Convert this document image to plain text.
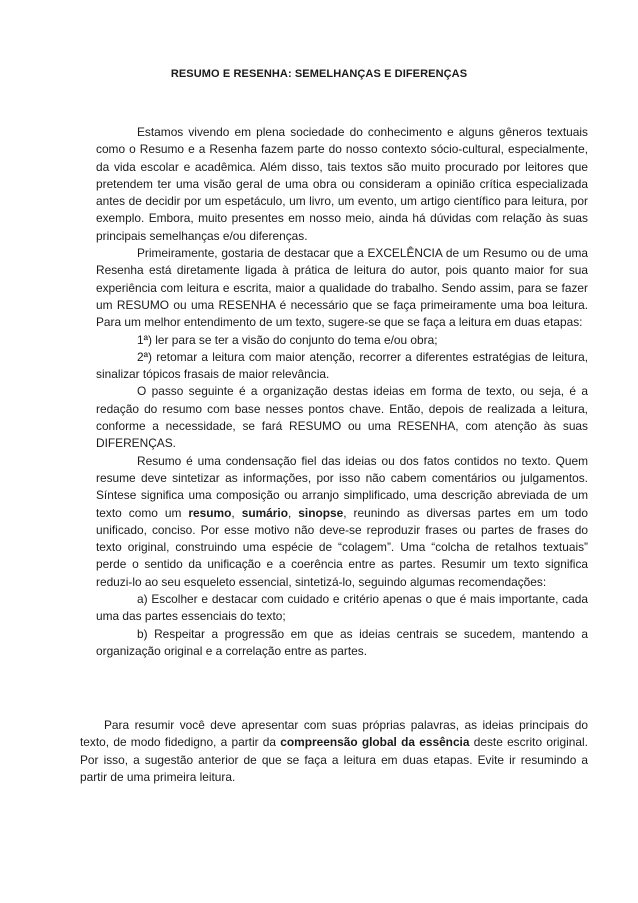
RESUMO E RESENHA: SEMELHANÇAS E DIFERENÇAS

Estamos vivendo em plena sociedade do conhecimento e alguns gêneros textuais como o Resumo e a Resenha fazem parte do nosso contexto sócio-cultural, especialmente, da vida escolar e acadêmica. Além disso, tais textos são muito procurado por leitores que pretendem ter uma visão geral de uma obra ou consideram a opinião crítica especializada antes de decidir por um espetáculo, um livro, um evento, um artigo científico para leitura, por exemplo. Embora, muito presentes em nosso meio, ainda há dúvidas com relação às suas principais semelhanças e/ou diferenças.

Primeiramente, gostaria de destacar que a EXCELÊNCIA de um Resumo ou de uma Resenha está diretamente ligada à prática de leitura do autor, pois quanto maior for sua experiência com leitura e escrita, maior a qualidade do trabalho. Sendo assim, para se fazer um RESUMO ou uma RESENHA é necessário que se faça primeiramente uma boa leitura. Para um melhor entendimento de um texto, sugere-se que se faça a leitura em duas etapas:

1ª) ler para se ter a visão do conjunto do tema e/ou obra;

2ª) retomar a leitura com maior atenção, recorrer a diferentes estratégias de leitura, sinalizar tópicos frasais de maior relevância.

O passo seguinte é a organização destas ideias em forma de texto, ou seja, é a redação do resumo com base nesses pontos chave. Então, depois de realizada a leitura, conforme a necessidade, se fará RESUMO ou uma RESENHA, com atenção às suas DIFERENÇAS.

Resumo é uma condensação fiel das ideias ou dos fatos contidos no texto. Quem resume deve sintetizar as informações, por isso não cabem comentários ou julgamentos. Síntese significa uma composição ou arranjo simplificado, uma descrição abreviada de um texto como um resumo, sumário, sinopse, reunindo as diversas partes em um todo unificado, conciso. Por esse motivo não deve-se reproduzir frases ou partes de frases do texto original, construindo uma espécie de “colagem”. Uma “colcha de retalhos textuais” perde o sentido da unificação e a coerência entre as partes. Resumir um texto significa reduzi-lo ao seu esqueleto essencial, sintetizá-lo, seguindo algumas recomendações:

a) Escolher e destacar com cuidado e critério apenas o que é mais importante, cada uma das partes essenciais do texto;

b) Respeitar a progressão em que as ideias centrais se sucedem, mantendo a organização original e a correlação entre as partes.

Para resumir você deve apresentar com suas próprias palavras, as ideias principais do texto, de modo fidedigno, a partir da compreensão global da essência deste escrito original. Por isso, a sugestão anterior de que se faça a leitura em duas etapas. Evite ir resumindo a partir de uma primeira leitura.
